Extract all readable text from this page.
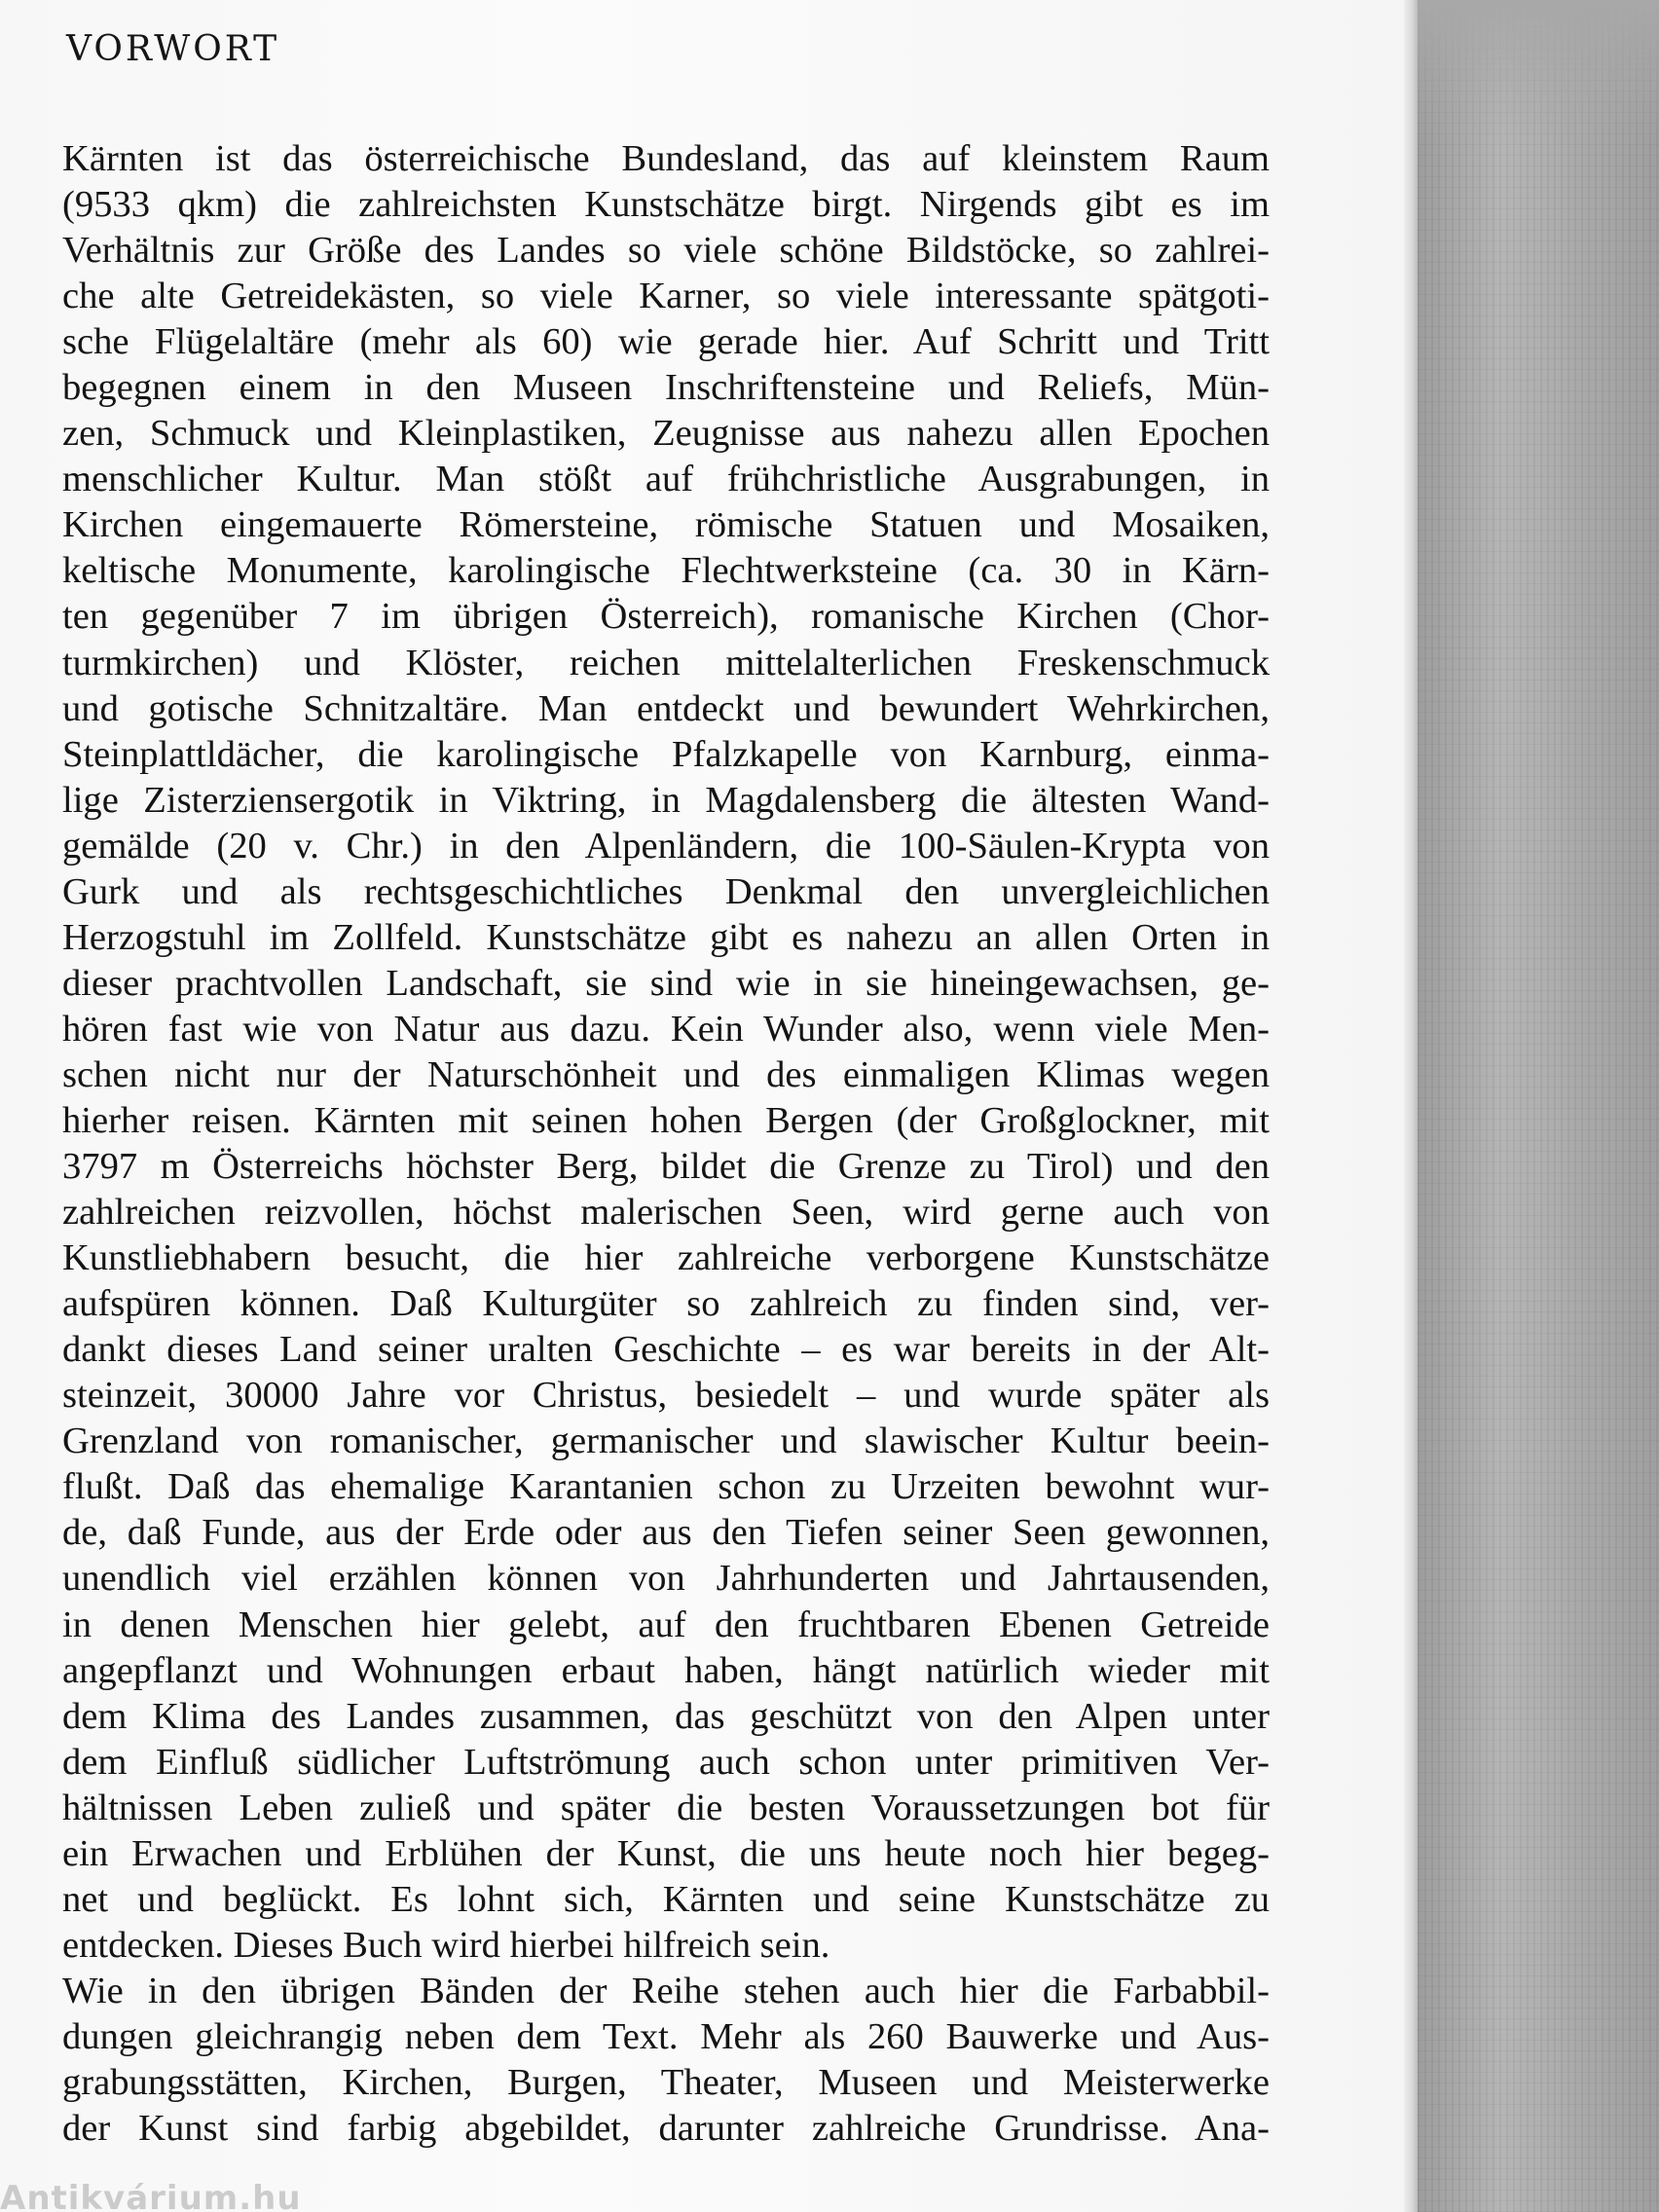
VORWORT
Kärnten ist das österreichische Bundesland, das auf kleinstem Raum
(9533 qkm) die zahlreichsten Kunstschätze birgt. Nirgends gibt es im
Verhältnis zur Größe des Landes so viele schöne Bildstöcke, so zahlrei-
che alte Getreidekästen, so viele Karner, so viele interessante spätgoti-
sche Flügelaltäre (mehr als 60) wie gerade hier. Auf Schritt und Tritt
begegnen einem in den Museen Inschriftensteine und Reliefs, Mün-
zen, Schmuck und Kleinplastiken, Zeugnisse aus nahezu allen Epochen
menschlicher Kultur. Man stößt auf frühchristliche Ausgrabungen, in
Kirchen eingemauerte Römersteine, römische Statuen und Mosaiken,
keltische Monumente, karolingische Flechtwerksteine (ca. 30 in Kärn-
ten gegenüber 7 im übrigen Österreich), romanische Kirchen (Chor-
turmkirchen) und Klöster, reichen mittelalterlichen Freskenschmuck
und gotische Schnitzaltäre. Man entdeckt und bewundert Wehrkirchen,
Steinplattldächer, die karolingische Pfalzkapelle von Karnburg, einma-
lige Zisterziensergotik in Viktring, in Magdalensberg die ältesten Wand-
gemälde (20 v. Chr.) in den Alpenländern, die 100-Säulen-Krypta von
Gurk und als rechtsgeschichtliches Denkmal den unvergleichlichen
Herzogstuhl im Zollfeld. Kunstschätze gibt es nahezu an allen Orten in
dieser prachtvollen Landschaft, sie sind wie in sie hineingewachsen, ge-
hören fast wie von Natur aus dazu. Kein Wunder also, wenn viele Men-
schen nicht nur der Naturschönheit und des einmaligen Klimas wegen
hierher reisen. Kärnten mit seinen hohen Bergen (der Großglockner, mit
3797 m Österreichs höchster Berg, bildet die Grenze zu Tirol) und den
zahlreichen reizvollen, höchst malerischen Seen, wird gerne auch von
Kunstliebhabern besucht, die hier zahlreiche verborgene Kunstschätze
aufspüren können. Daß Kulturgüter so zahlreich zu finden sind, ver-
dankt dieses Land seiner uralten Geschichte – es war bereits in der Alt-
steinzeit, 30000 Jahre vor Christus, besiedelt – und wurde später als
Grenzland von romanischer, germanischer und slawischer Kultur beein-
flußt. Daß das ehemalige Karantanien schon zu Urzeiten bewohnt wur-
de, daß Funde, aus der Erde oder aus den Tiefen seiner Seen gewonnen,
unendlich viel erzählen können von Jahrhunderten und Jahrtausenden,
in denen Menschen hier gelebt, auf den fruchtbaren Ebenen Getreide
angepflanzt und Wohnungen erbaut haben, hängt natürlich wieder mit
dem Klima des Landes zusammen, das geschützt von den Alpen unter
dem Einfluß südlicher Luftströmung auch schon unter primitiven Ver-
hältnissen Leben zuließ und später die besten Voraussetzungen bot für
ein Erwachen und Erblühen der Kunst, die uns heute noch hier begeg-
net und beglückt. Es lohnt sich, Kärnten und seine Kunstschätze zu
entdecken. Dieses Buch wird hierbei hilfreich sein.
Wie in den übrigen Bänden der Reihe stehen auch hier die Farbabbil-
dungen gleichrangig neben dem Text. Mehr als 260 Bauwerke und Aus-
grabungsstätten, Kirchen, Burgen, Theater, Museen und Meisterwerke
der Kunst sind farbig abgebildet, darunter zahlreiche Grundrisse. Ana-
Antikvárium.hu
